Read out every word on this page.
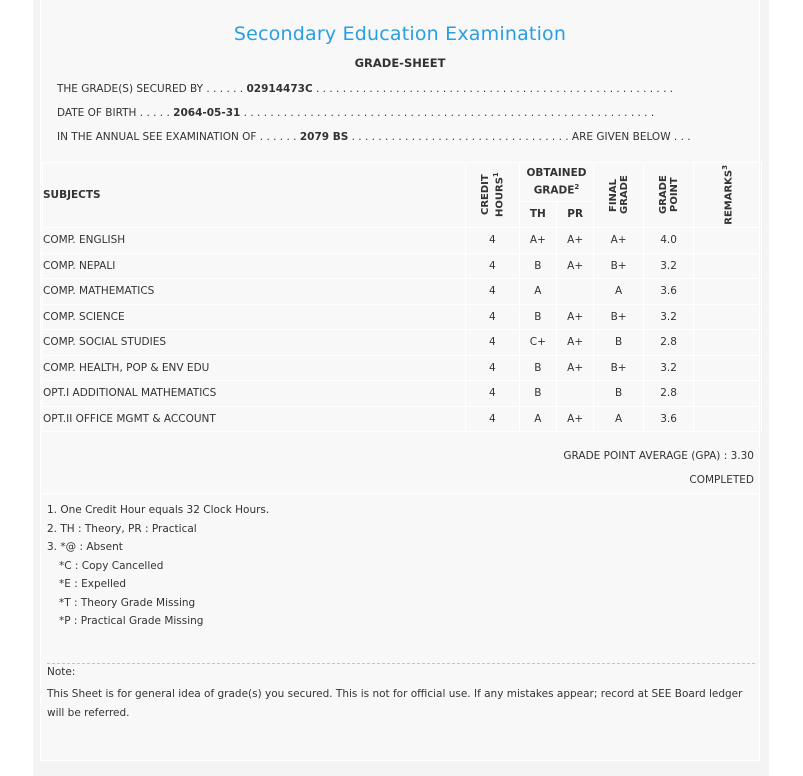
Secondary Education Examination
GRADE-SHEET
THE GRADE(S) SECURED BY . . . . . . 02914473C . . . . . . . . . . . . . . . . . . . . . . . . . . . . . . . . . . . . . . . . . . . . . . . . . . . . . .
DATE OF BIRTH . . . . . 2064-05-31 . . . . . . . . . . . . . . . . . . . . . . . . . . . . . . . . . . . . . . . . . . . . . . . . . . . . . . . . . . . . . .
IN THE ANNUAL SEE EXAMINATION OF . . . . . . 2079 BS . . . . . . . . . . . . . . . . . . . . . . . . . . . . . . . . . ARE GIVEN BELOW . . .
SUBJECTS	CREDIT HOURS$^1$	OBTAINED GRADE$^2$		FINAL GRADE	GRADE POINT	REMARKS$^3$

		TH	PR			
COMP. ENGLISH	4	A+	A+	A+	4.0	
COMP. NEPALI	4	B	A+	B+	3.2	
COMP. MATHEMATICS	4	A		A	3.6	
COMP. SCIENCE	4	B	A+	B+	3.2	
COMP. SOCIAL STUDIES	4	C+	A+	B	2.8	
COMP. HEALTH, POP & ENV EDU	4	B	A+	B+	3.2	
OPT.I ADDITIONAL MATHEMATICS	4	B		B	2.8	
OPT.II OFFICE MGMT & ACCOUNT	4	A	A+	A	3.6	
GRADE POINT AVERAGE (GPA) : 3.30
COMPLETED
1. One Credit Hour equals 32 Clock Hours.
2. TH : Theory, PR : Practical
3. *@ : Absent
*C : Copy Cancelled
*E : Expelled
*T : Theory Grade Missing
*P : Practical Grade Missing
Note:
This Sheet is for general idea of grade(s) you secured. This is not for official use. If any mistakes appear; record at SEE Board ledger will be referred.
